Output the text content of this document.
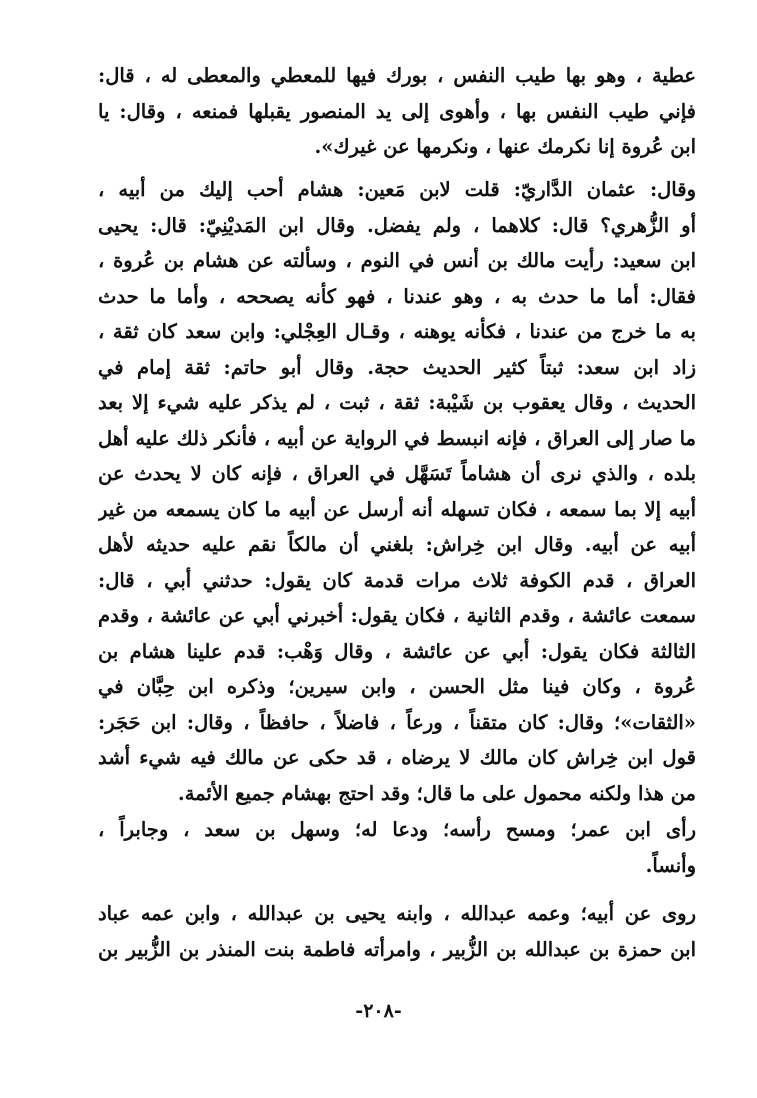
عطية ، وهو بها طيب النفس ، بورك فيها للمعطي والمعطى له ، قال:
فإني طيب النفس بها ، وأهوى إلى يد المنصور يقبلها فمنعه ، وقال: يا
ابن عُروة إنا نكرمك عنها ، ونكرمها عن غيرك».
وقال: عثمان الدَّاريّ: قلت لابن مَعين: هشام أحب إليك من أبيه ،
أو الزُّهري؟ قال: كلاهما ، ولم يفضل. وقال ابن المَديْنِيّ: قال: يحيى
ابن سعيد: رأيت مالك بن أنس في النوم ، وسألته عن هشام بن عُروة ،
فقال: أما ما حدث به ، وهو عندنا ، فهو كأنه يصححه ، وأما ما حدث
به ما خرج من عندنا ، فكأنه يوهنه ، وقـال العِجْلي: وابن سعد كان ثقة ،
زاد ابن سعد: ثبتاً كثير الحديث حجة. وقال أبو حاتم: ثقة إمام في
الحديث ، وقال يعقوب بن شَيْبة: ثقة ، ثبت ، لم يذكر عليه شيء إلا بعد
ما صار إلى العراق ، فإنه انبسط في الرواية عن أبيه ، فأنكر ذلك عليه أهل
بلده ، والذي نرى أن هشاماً تَسَهَّل في العراق ، فإنه كان لا يحدث عن
أبيه إلا بما سمعه ، فكان تسهله أنه أرسل عن أبيه ما كان يسمعه من غير
أبيه عن أبيه. وقال ابن خِراش: بلغني أن مالكاً نقم عليه حديثه لأهل
العراق ، قدم الكوفة ثلاث مرات قدمة كان يقول: حدثني أبي ، قال:
سمعت عائشة ، وقدم الثانية ، فكان يقول: أخبرني أبي عن عائشة ، وقدم
الثالثة فكان يقول: أبي عن عائشة ، وقال وَهْب: قدم علينا هشام بن
عُروة ، وكان فينا مثل الحسن ، وابن سيرين؛ وذكره ابن حِبَّان في
«الثقات»؛ وقال: كان متقناً ، ورعاً ، فاضلاً ، حافظاً ، وقال: ابن حَجَر:
قول ابن خِراش كان مالك لا يرضاه ، قد حكى عن مالك فيه شيء أشد
من هذا ولكنه محمول على ما قال؛ وقد احتج بهشام جميع الأئمة.
رأى ابن عمر؛ ومسح رأسه؛ ودعا له؛ وسهل بن سعد ، وجابراً ،
وأنساً.
روى عن أبيه؛ وعمه عبدالله ، وابنه يحيى بن عبدالله ، وابن عمه عباد
ابن حمزة بن عبدالله بن الزُّبير ، وامرأته فاطمة بنت المنذر بن الزُّبير بن
-٢٠٨-
